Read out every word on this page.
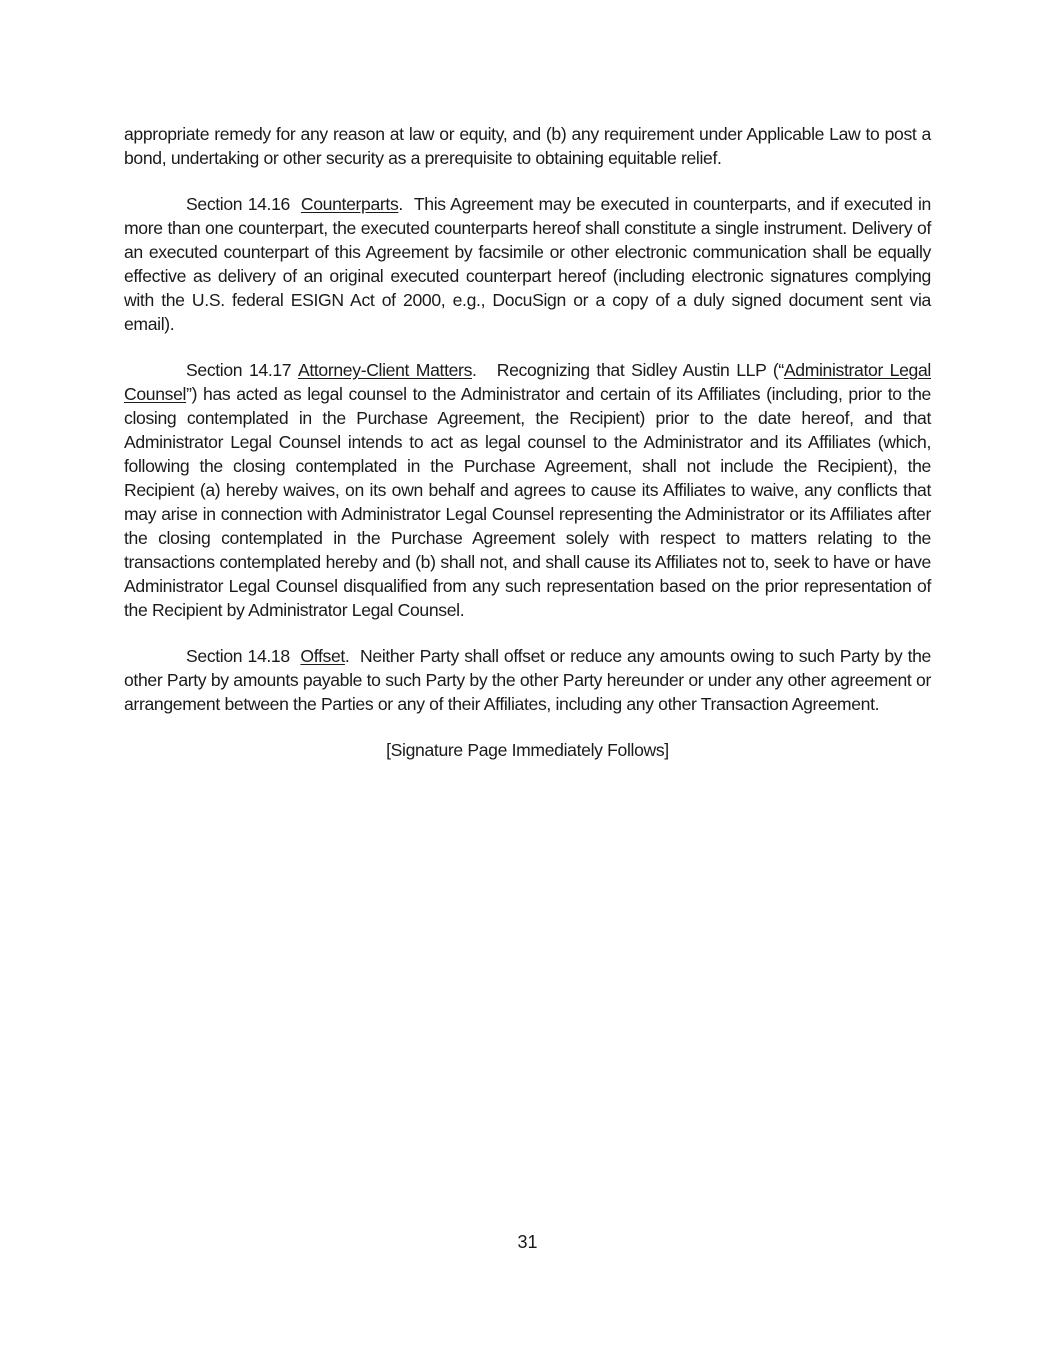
appropriate remedy for any reason at law or equity, and (b) any requirement under Applicable Law to post a bond, undertaking or other security as a prerequisite to obtaining equitable relief.

Section 14.16 Counterparts.  This Agreement may be executed in counterparts, and if executed in more than one counterpart, the executed counterparts hereof shall constitute a single instrument. Delivery of an executed counterpart of this Agreement by facsimile or other electronic communication shall be equally effective as delivery of an original executed counterpart hereof (including electronic signatures complying with the U.S. federal ESIGN Act of 2000, e.g., DocuSign or a copy of a duly signed document sent via email).

Section 14.17 Attorney-Client Matters.   Recognizing that Sidley Austin LLP (“Administrator Legal Counsel”) has acted as legal counsel to the Administrator and certain of its Affiliates (including, prior to the closing contemplated in the Purchase Agreement, the Recipient) prior to the date hereof, and that Administrator Legal Counsel intends to act as legal counsel to the Administrator and its Affiliates (which, following the closing contemplated in the Purchase Agreement, shall not include the Recipient), the Recipient (a) hereby waives, on its own behalf and agrees to cause its Affiliates to waive, any conflicts that may arise in connection with Administrator Legal Counsel representing the Administrator or its Affiliates after the closing contemplated in the Purchase Agreement solely with respect to matters relating to the transactions contemplated hereby and (b) shall not, and shall cause its Affiliates not to, seek to have or have Administrator Legal Counsel disqualified from any such representation based on the prior representation of the Recipient by Administrator Legal Counsel.

Section 14.18 Offset.  Neither Party shall offset or reduce any amounts owing to such Party by the other Party by amounts payable to such Party by the other Party hereunder or under any other agreement or arrangement between the Parties or any of their Affiliates, including any other Transaction Agreement.

[Signature Page Immediately Follows]

31
